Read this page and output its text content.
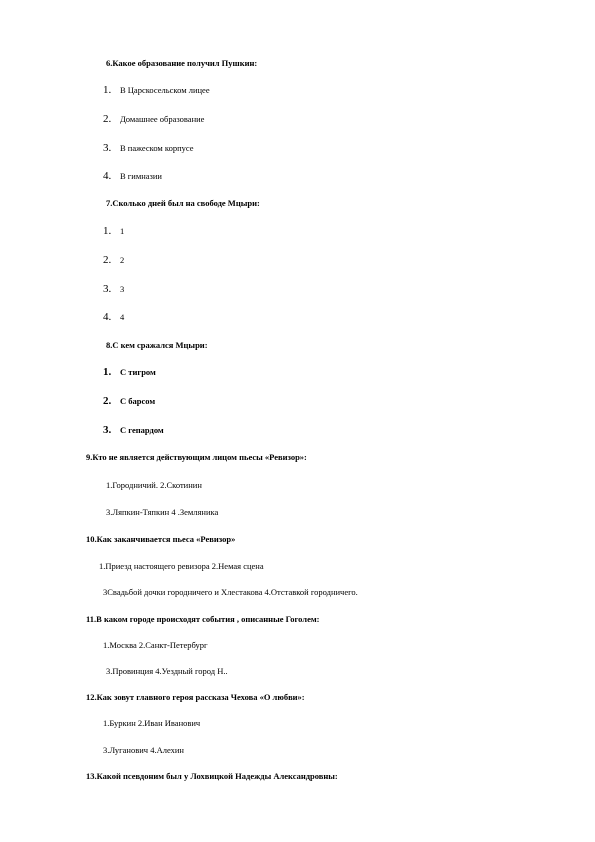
6.Какое образование получил Пушкин:
1. В Царскосельском лицее
2. Домашнее образование
3. В пажеском корпусе
4. В гимназии
7.Сколько дней был на свободе Мцыри:
1. 1
2. 2
3. 3
4. 4
8.С кем сражался Мцыри:
1. С тигром
2. С барсом
3. С гепардом
9.Кто не является действующим лицом пьесы «Ревизор»:
1.Городничий. 2.Скотинин
3.Ляпкин-Тяпкин 4 .Земляника
10.Как заканчивается пьеса «Ревизор»
1.Приезд настоящего ревизора 2.Немая сцена
3Свадьбой дочки городничего и Хлестакова 4.Отставкой городничего.
11.В каком городе происходят события , описанные Гоголем:
1.Москва 2.Санкт-Петербург
3.Провинция 4.Уездный город Н..
12.Как зовут главного героя рассказа Чехова «О любви»:
1.Буркин 2.Иван Иванович
3.Луганович 4.Алехин
13.Какой псевдоним был у Лохвицкой Надежды Александровны:
